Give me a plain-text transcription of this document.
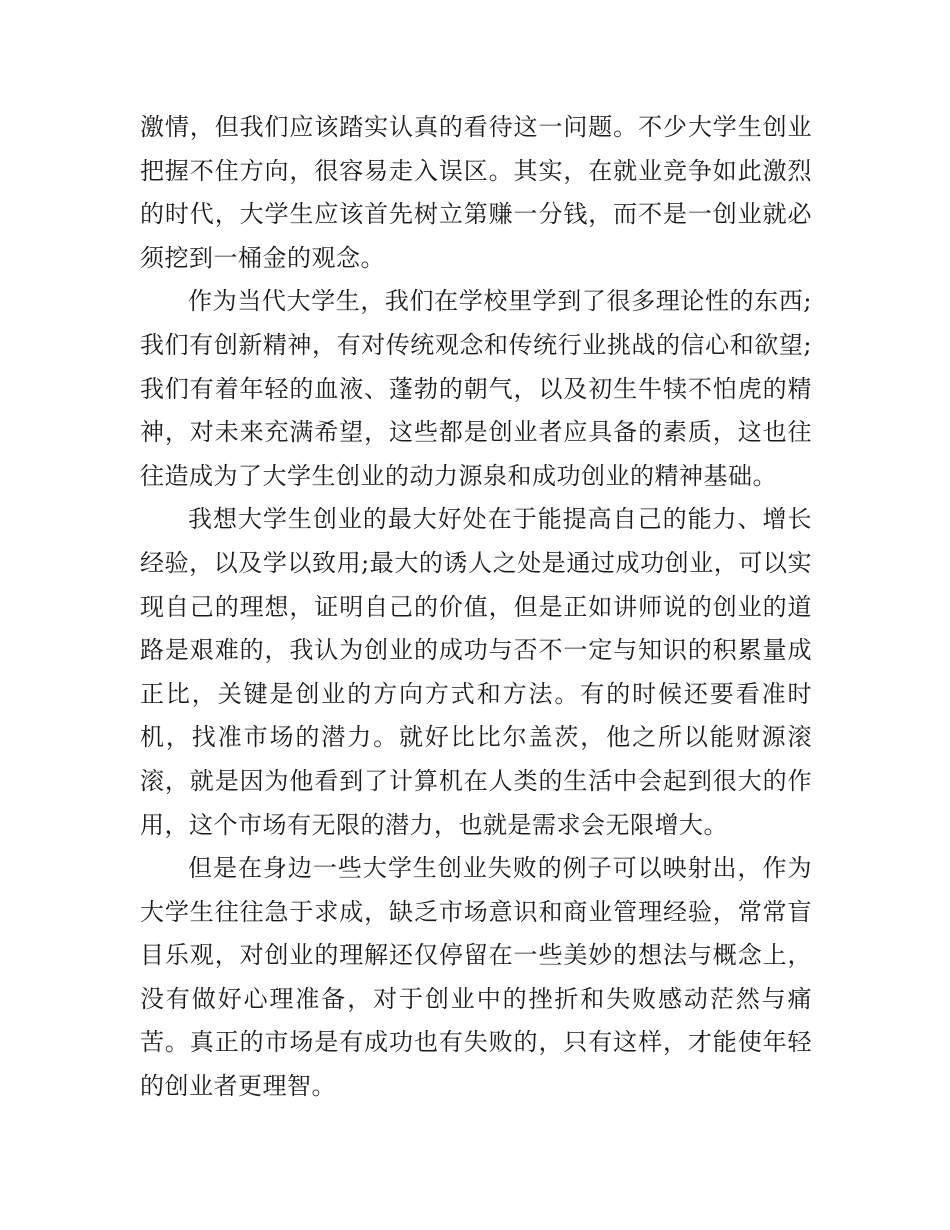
激情，但我们应该踏实认真的看待这一问题。不少大学生创业把握不住方向，很容易走入误区。其实，在就业竞争如此激烈的时代，大学生应该首先树立第赚一分钱，而不是一创业就必须挖到一桶金的观念。

作为当代大学生，我们在学校里学到了很多理论性的东西;我们有创新精神，有对传统观念和传统行业挑战的信心和欲望;我们有着年轻的血液、蓬勃的朝气，以及初生牛犊不怕虎的精神，对未来充满希望，这些都是创业者应具备的素质，这也往往造成为了大学生创业的动力源泉和成功创业的精神基础。

我想大学生创业的最大好处在于能提高自己的能力、增长经验，以及学以致用;最大的诱人之处是通过成功创业，可以实现自己的理想，证明自己的价值，但是正如讲师说的创业的道路是艰难的，我认为创业的成功与否不一定与知识的积累量成正比，关键是创业的方向方式和方法。有的时候还要看准时机，找准市场的潜力。就好比比尔盖茨，他之所以能财源滚滚，就是因为他看到了计算机在人类的生活中会起到很大的作用，这个市场有无限的潜力，也就是需求会无限增大。

但是在身边一些大学生创业失败的例子可以映射出，作为大学生往往急于求成，缺乏市场意识和商业管理经验，常常盲目乐观，对创业的理解还仅停留在一些美妙的想法与概念上，没有做好心理准备，对于创业中的挫折和失败感动茫然与痛苦。真正的市场是有成功也有失败的，只有这样，才能使年轻的创业者更理智。
